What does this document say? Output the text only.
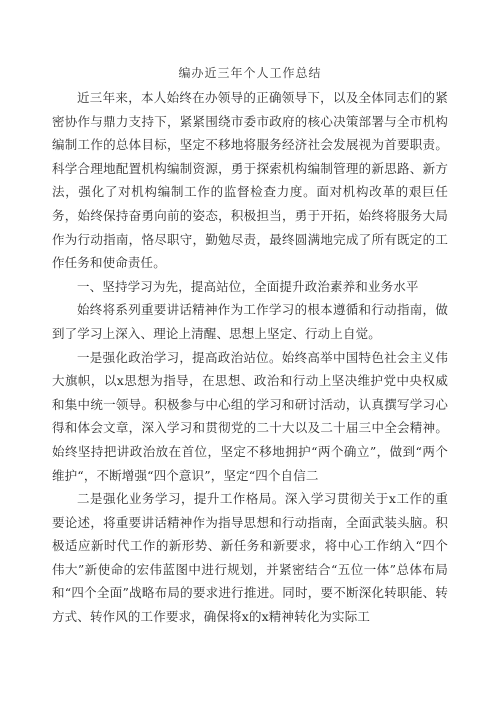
编办近三年个人工作总结

近三年来，本人始终在办领导的正确领导下，以及全体同志们的紧密协作与鼎力支持下，紧紧围绕市委市政府的核心决策部署与全市机构编制工作的总体目标，坚定不移地将服务经济社会发展视为首要职责。科学合理地配置机构编制资源，勇于探索机构编制管理的新思路、新方法，强化了对机构编制工作的监督检查力度。面对机构改革的艰巨任务，始终保持奋勇向前的姿态，积极担当，勇于开拓，始终将服务大局作为行动指南，恪尽职守，勤勉尽责，最终圆满地完成了所有既定的工作任务和使命责任。

一、坚持学习为先，提高站位，全面提升政治素养和业务水平

始终将系列重要讲话精神作为工作学习的根本遵循和行动指南，做到了学习上深入、理论上清醒、思想上坚定、行动上自觉。

一是强化政治学习，提高政治站位。始终高举中国特色社会主义伟大旗帜，以x思想为指导，在思想、政治和行动上坚决维护党中央权威和集中统一领导。积极参与中心组的学习和研讨活动，认真撰写学习心得和体会文章，深入学习和贯彻党的二十大以及二十届三中全会精神。始终坚持把讲政治放在首位，坚定不移地拥护“两个确立”，做到“两个维护“，不断增强“四个意识”，坚定“四个自信二

二是强化业务学习，提升工作格局。深入学习贯彻关于x工作的重要论述，将重要讲话精神作为指导思想和行动指南，全面武装头脑。积极适应新时代工作的新形势、新任务和新要求，将中心工作纳入“四个伟大”新使命的宏伟蓝图中进行规划，并紧密结合“五位一体”总体布局和“四个全面”战略布局的要求进行推进。同时，要不断深化转职能、转方式、转作风的工作要求，确保将x的x精神转化为实际工
